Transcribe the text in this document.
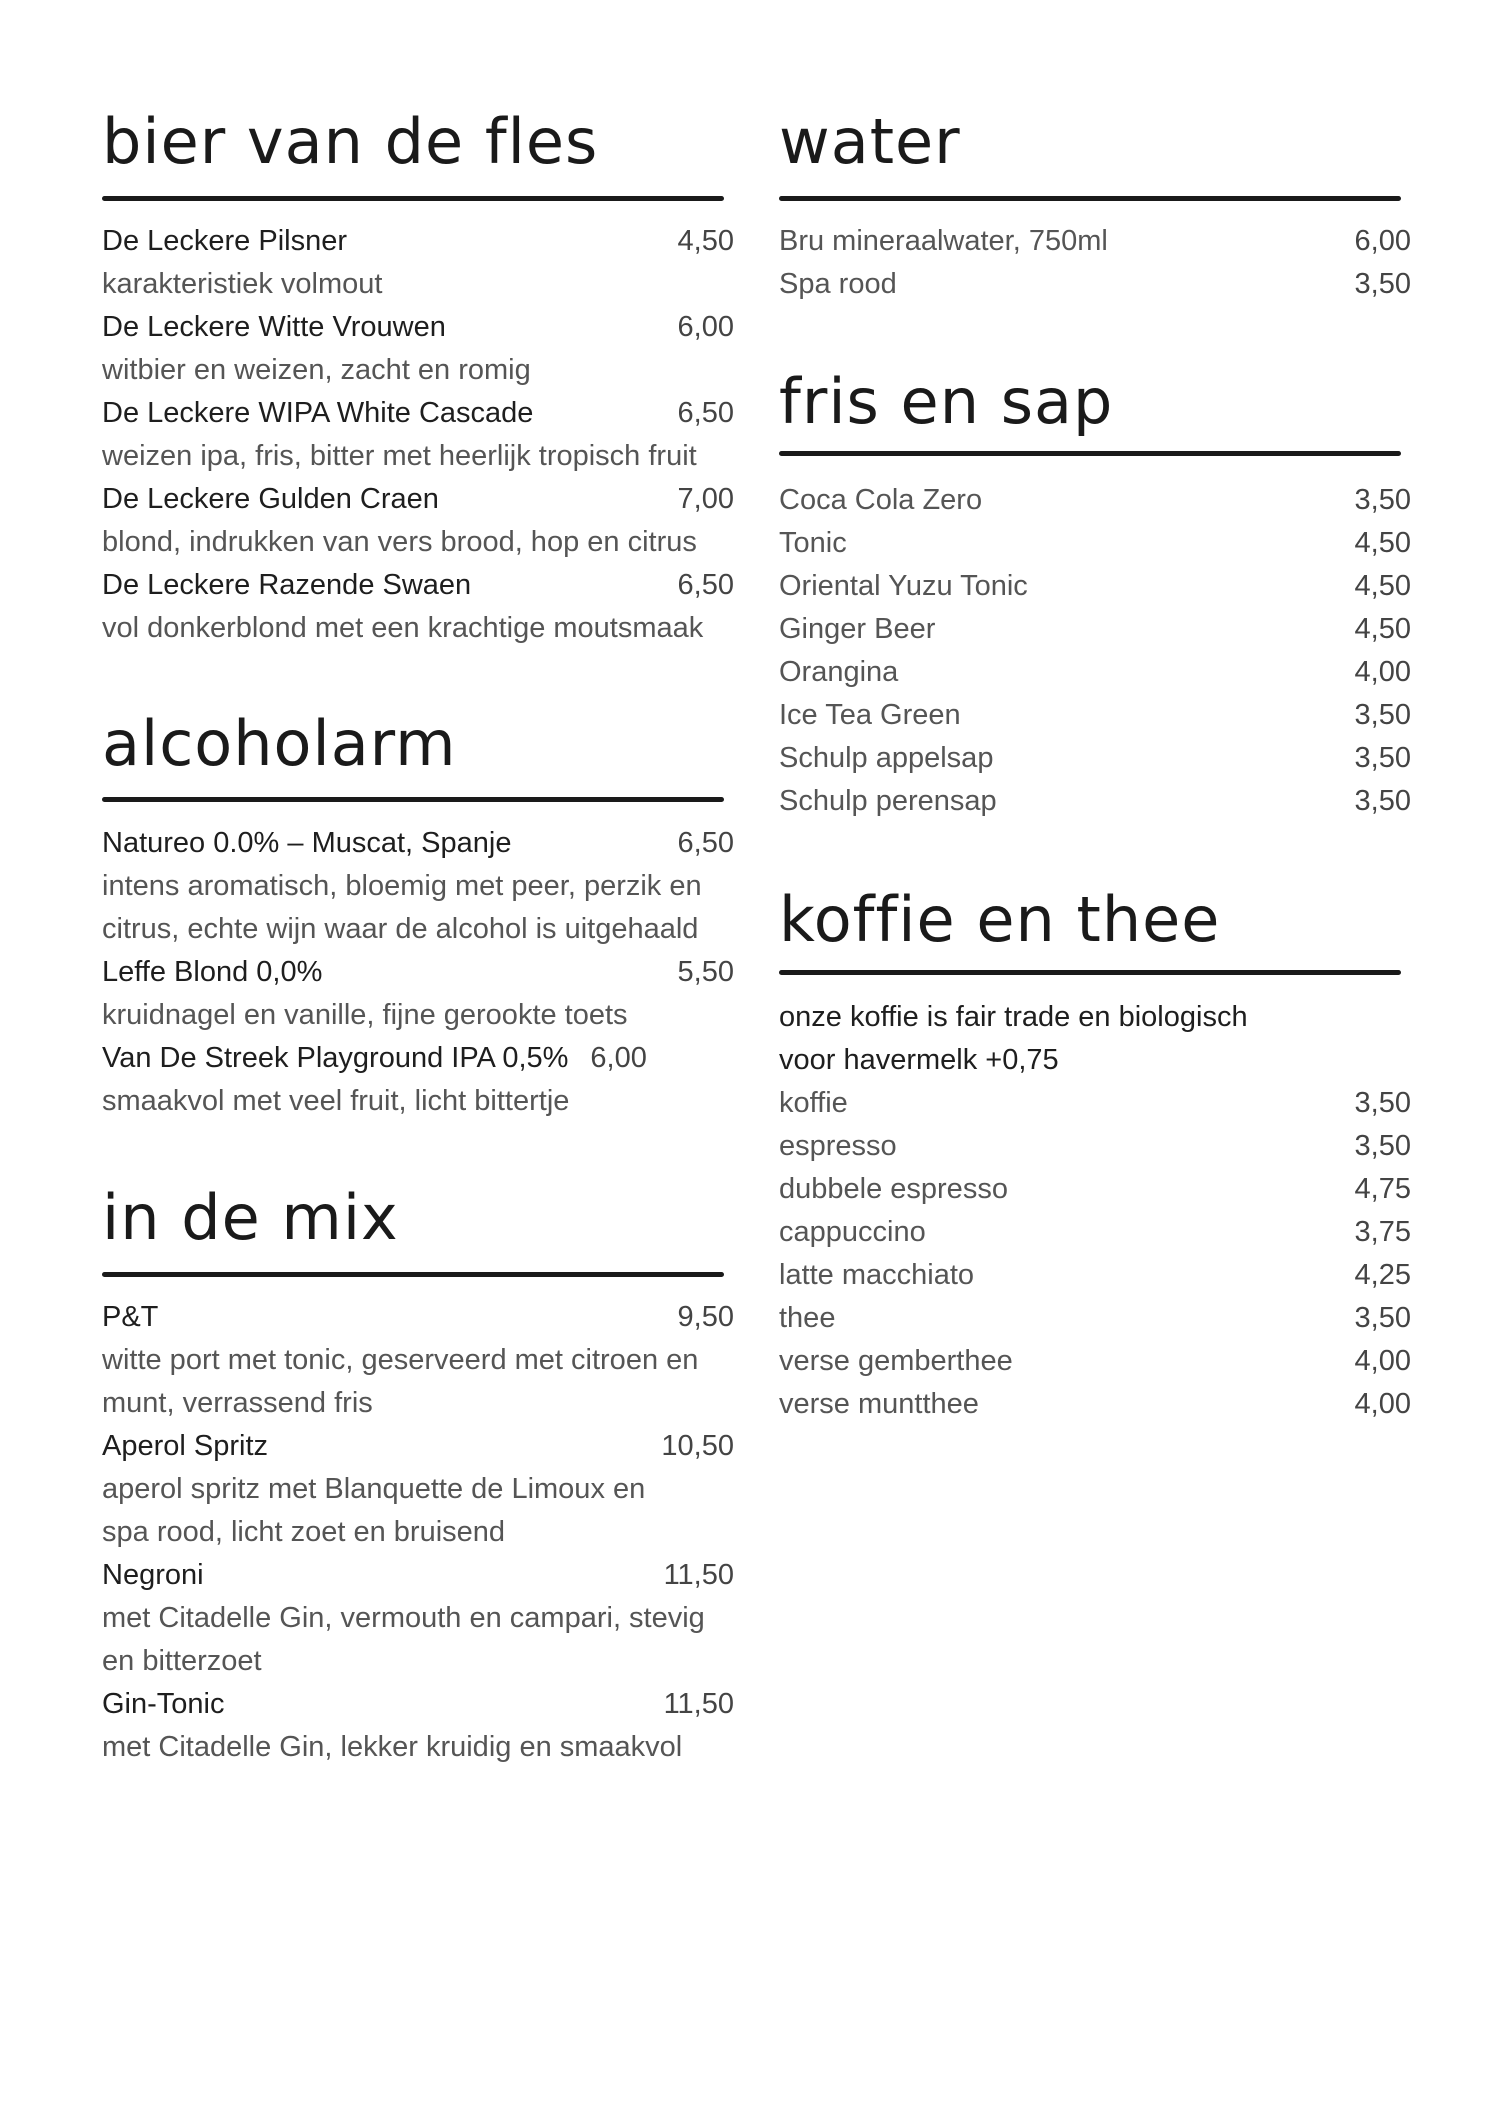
bier van de fles
De Leckere Pilsner	4,50
karakteristiek volmout
De Leckere Witte Vrouwen	6,00
witbier en weizen, zacht en romig
De Leckere WIPA White Cascade	6,50
weizen ipa, fris, bitter met heerlijk tropisch fruit
De Leckere Gulden Craen	7,00
blond, indrukken van vers brood, hop en citrus
De Leckere Razende Swaen	6,50
vol donkerblond met een krachtige moutsmaak
alcoholarm
Natureo 0.0% – Muscat, Spanje	6,50
intens aromatisch, bloemig met peer, perzik en
citrus, echte wijn waar de alcohol is uitgehaald
Leffe Blond 0,0%	5,50
kruidnagel en vanille, fijne gerookte toets
Van De Streek Playground IPA 0,5% 6,00
smaakvol met veel fruit, licht bittertje
in de mix
P&T	9,50
witte port met tonic, geserveerd met citroen en
munt, verrassend fris
Aperol Spritz	10,50
aperol spritz met Blanquette de Limoux en
spa rood, licht zoet en bruisend
Negroni	11,50
met Citadelle Gin, vermouth en campari, stevig
en bitterzoet
Gin-Tonic	11,50
met Citadelle Gin, lekker kruidig en smaakvol
water
Bru mineraalwater, 750ml	6,00
Spa rood	3,50
fris en sap
Coca Cola Zero	3,50
Tonic	4,50
Oriental Yuzu Tonic	4,50
Ginger Beer	4,50
Orangina	4,00
Ice Tea Green	3,50
Schulp appelsap	3,50
Schulp perensap	3,50
koffie en thee
onze koffie is fair trade en biologisch
voor havermelk +0,75
koffie	3,50
espresso	3,50
dubbele espresso	4,75
cappuccino	3,75
latte macchiato	4,25
thee	3,50
verse gemberthee	4,00
verse muntthee	4,00
